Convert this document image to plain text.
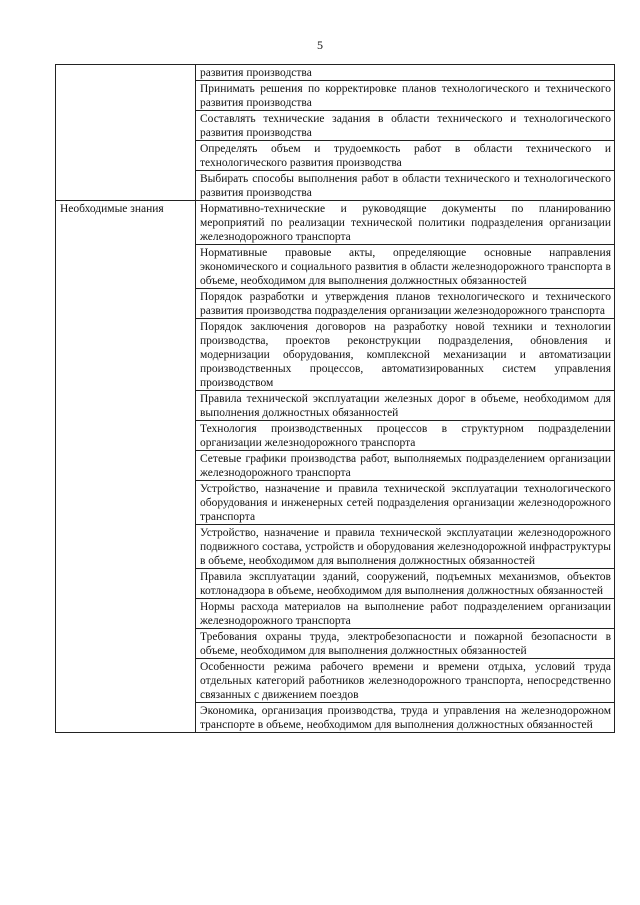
5
	развития производства
	Принимать решения по корректировке планов технологического и технического развития производства
	Составлять технические задания в области технического и технологического развития производства
	Определять объем и трудоемкость работ в области технического и технологического развития производства
	Выбирать способы выполнения работ в области технического и технологического развития производства
Необходимые знания	Нормативно-технические и руководящие документы по планированию мероприятий по реализации технической политики подразделения организации железнодорожного транспорта
	Нормативные правовые акты, определяющие основные направления экономического и социального развития в области железнодорожного транспорта в объеме, необходимом для выполнения должностных обязанностей
	Порядок разработки и утверждения планов технологического и технического развития производства подразделения организации железнодорожного транспорта
	Порядок заключения договоров на разработку новой техники и технологии производства, проектов реконструкции подразделения, обновления и модернизации оборудования, комплексной механизации и автоматизации производственных процессов, автоматизированных систем управления производством
	Правила технической эксплуатации железных дорог в объеме, необходимом для выполнения должностных обязанностей
	Технология производственных процессов в структурном подразделении организации железнодорожного транспорта
	Сетевые графики производства работ, выполняемых подразделением организации железнодорожного транспорта
	Устройство, назначение и правила технической эксплуатации технологического оборудования и инженерных сетей подразделения организации железнодорожного транспорта
	Устройство, назначение и правила технической эксплуатации железнодорожного подвижного состава, устройств и оборудования железнодорожной инфраструктуры в объеме, необходимом для выполнения должностных обязанностей
	Правила эксплуатации зданий, сооружений, подъемных механизмов, объектов котлонадзора в объеме, необходимом для выполнения должностных обязанностей
	Нормы расхода материалов на выполнение работ подразделением организации железнодорожного транспорта
	Требования охраны труда, электробезопасности и пожарной безопасности в объеме, необходимом для выполнения должностных обязанностей
	Особенности режима рабочего времени и времени отдыха, условий труда отдельных категорий работников железнодорожного транспорта, непосредственно связанных с движением поездов
	Экономика, организация производства, труда и управления на железнодорожном транспорте в объеме, необходимом для выполнения должностных обязанностей
